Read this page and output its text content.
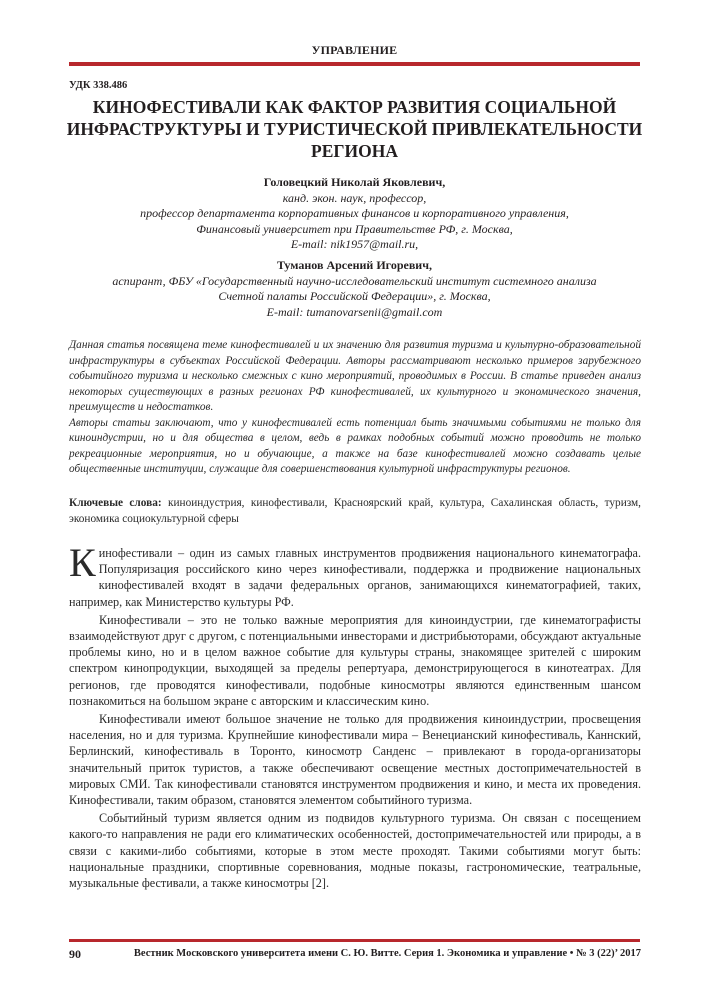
УПРАВЛЕНИЕ
УДК 338.486
КИНОФЕСТИВАЛИ КАК ФАКТОР РАЗВИТИЯ СОЦИАЛЬНОЙ
ИНФРАСТРУКТУРЫ И ТУРИСТИЧЕСКОЙ ПРИВЛЕКАТЕЛЬНОСТИ
РЕГИОНА
Головецкий Николай Яковлевич,
канд. экон. наук, профессор,
профессор департамента корпоративных финансов и корпоративного управления,
Финансовый университет при Правительстве РФ, г. Москва,
E-mail: nik1957@mail.ru,
Туманов Арсений Игоревич,
аспирант, ФБУ «Государственный научно-исследовательский институт системного анализа
Счетной палаты Российской Федерации», г. Москва,
E-mail: tumanovarsenii@gmail.com

Данная статья посвящена теме кинофестивалей и их значению для развития туризма и культурно-образовательной инфраструктуры в субъектах Российской Федерации. Авторы рассматривают несколько примеров зарубежного событийного туризма и несколько смежных с кино мероприятий, проводимых в России. В статье приведен анализ некоторых существующих в разных регионах РФ кинофестивалей, их культурного и экономического значения, преимуществ и недостатков.

Авторы статьи заключают, что у кинофестивалей есть потенциал быть значимыми событиями не только для киноиндустрии, но и для общества в целом, ведь в рамках подобных событий можно проводить не только рекреационные мероприятия, но и обучающие, а также на базе кинофестивалей можно создавать целые общественные институции, служащие для совершенствования культурной инфраструктуры регионов.

Ключевые слова: киноиндустрия, кинофестивали, Красноярский край, культура, Сахалинская область, туризм, экономика социокультурной сферы

Кинофестивали – один из самых главных инструментов продвижения национального кинематографа. Популяризация российского кино через кинофестивали, поддержка и продвижение национальных кинофестивалей входят в задачи федеральных органов, занимающихся кинематографией, таких, например, как Министерство культуры РФ.

Кинофестивали – это не только важные мероприятия для киноиндустрии, где кинематографисты взаимодействуют друг с другом, с потенциальными инвесторами и дистрибьюторами, обсуждают актуальные проблемы кино, но и в целом важное событие для культуры страны, знакомящее зрителей с широким спектром кинопродукции, выходящей за пределы репертуара, демонстрирующегося в кинотеатрах. Для регионов, где проводятся кинофестивали, подобные киносмотры являются единственным шансом познакомиться на большом экране с авторским и классическим кино.

Кинофестивали имеют большое значение не только для продвижения киноиндустрии, просвещения населения, но и для туризма. Крупнейшие кинофестивали мира – Венецианский кинофестиваль, Каннский, Берлинский, кинофестиваль в Торонто, киносмотр Санденс – привлекают в города-организаторы значительный приток туристов, а также обеспечивают освещение местных достопримечательностей в мировых СМИ. Так кинофестивали становятся инструментом продвижения и кино, и места их проведения. Кинофестивали, таким образом, становятся элементом событийного туризма.

Событийный туризм является одним из подвидов культурного туризма. Он связан с посещением какого-то направления не ради его климатических особенностей, достопримечательностей или природы, а в связи с какими-либо событиями, которые в этом месте проходят. Такими событиями могут быть: национальные праздники, спортивные соревнования, модные показы, гастрономические, театральные, музыкальные фестивали, а также киносмотры [2].

90	Вестник Московского университета имени С. Ю. Витте. Серия 1. Экономика и управление • № 3 (22)’ 2017
